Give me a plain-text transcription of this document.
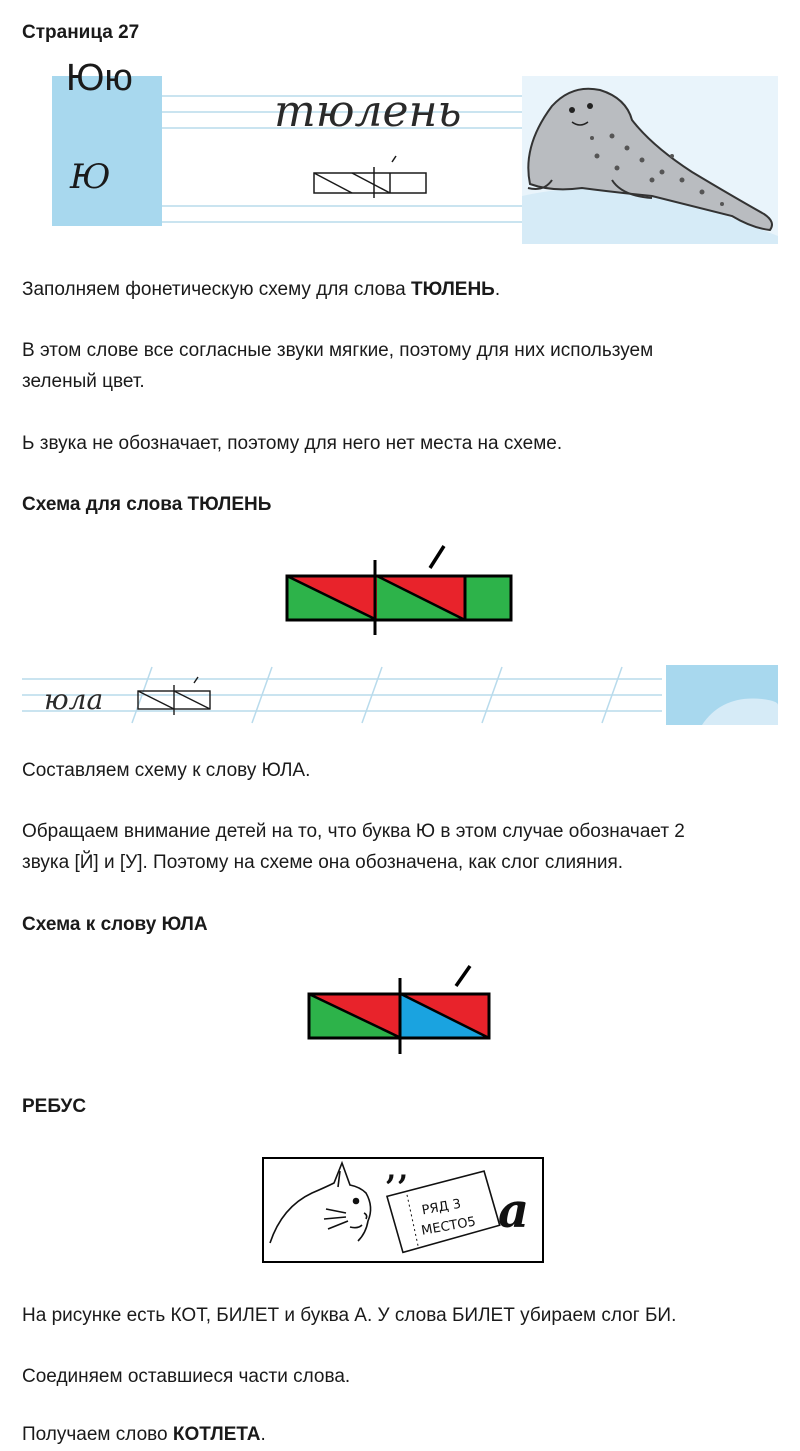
Страница 27
Юю
Ю
тюлень
Заполняем фонетическую схему для слова ТЮЛЕНЬ.
В этом слове все согласные звуки мягкие, поэтому для них используем
зеленый цвет.
Ь звука не обозначает, поэтому для него нет места на схеме.
Схема для слова ТЮЛЕНЬ
юла
Составляем схему к слову ЮЛА.
Обращаем внимание детей на то, что буква Ю в этом случае обозначает 2
звука [Й] и [У]. Поэтому на схеме она обозначена, как слог слияния.
Схема к слову ЮЛА
РЕБУС
, ,
РЯД 3
МЕСТО5 a
На рисунке есть КОТ, БИЛЕТ и буква А. У слова БИЛЕТ убираем слог БИ.
Соединяем оставшиеся части слова.
Получаем слово КОТЛЕТА.
